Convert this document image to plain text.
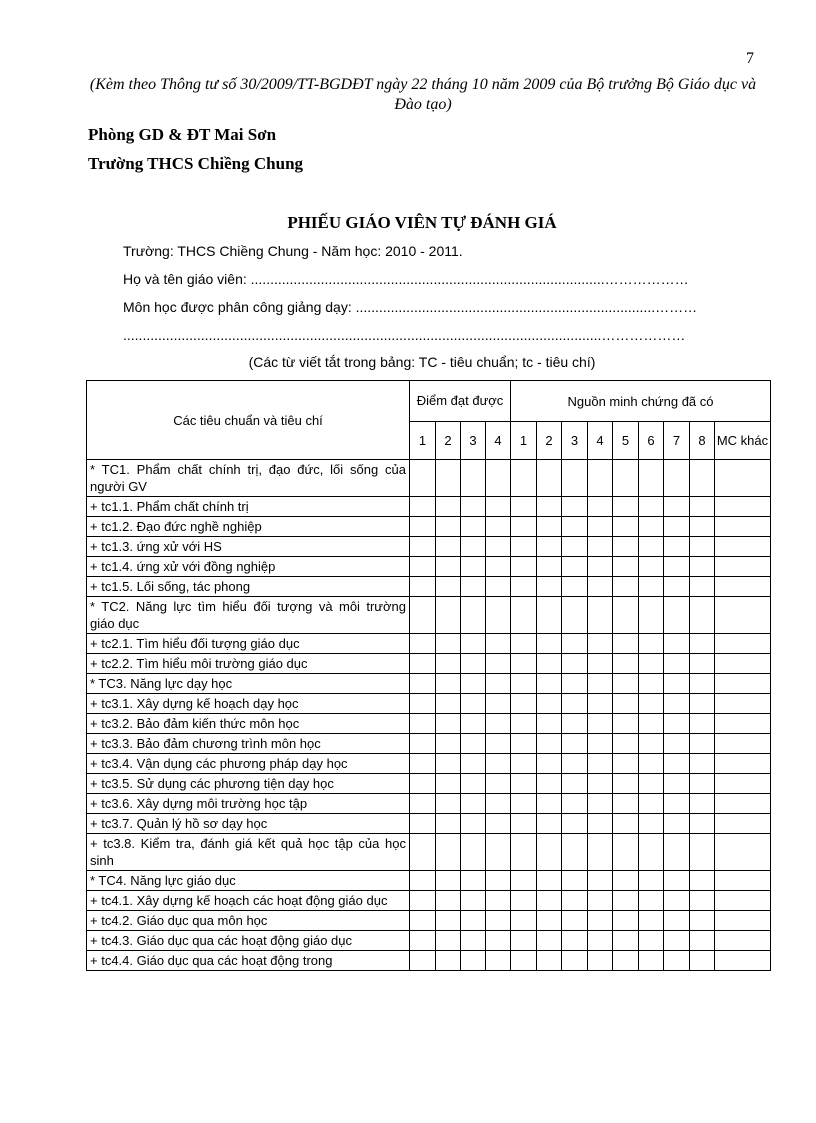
7
(Kèm theo Thông tư số 30/2009/TT-BGDĐT ngày 22 tháng 10 năm 2009 của Bộ trưởng Bộ Giáo dục và Đào tạo)
Phòng GD & ĐT Mai Sơn
Trường THCS Chiềng Chung
PHIẾU GIÁO VIÊN TỰ ĐÁNH GIÁ
Trường: THCS Chiềng Chung - Năm học: 2010 - 2011.
Họ và tên giáo viên: ...........................................................................................………………
Môn học được phân công giảng dạy: .............................................................................………
...........................................................................................................................………………
(Các từ viết tắt trong bảng: TC - tiêu chuẩn; tc - tiêu chí)
Các tiêu chuẩn và tiêu chí	Điểm đạt được				Nguồn minh chứng đã có								
	1	2	3	4	1	2	3	4	5	6	7	8	MC khác
* TC1. Phẩm chất chính trị, đạo đức, lối sống của người GV													
+ tc1.1. Phẩm chất chính trị													
+ tc1.2. Đạo đức nghề nghiệp													
+ tc1.3. ứng xử với HS													
+ tc1.4. ứng xử với đồng nghiệp													
+ tc1.5. Lối sống, tác phong													
* TC2. Năng lực tìm hiểu đối tượng và môi trường giáo dục													
+ tc2.1. Tìm hiểu đối tượng giáo dục													
+ tc2.2. Tìm hiểu môi trường giáo dục													
* TC3. Năng lực dạy học													
+ tc3.1. Xây dựng kế hoạch dạy học													
+ tc3.2. Bảo đảm kiến thức môn học													
+ tc3.3. Bảo đảm chương trình môn học													
+ tc3.4. Vận dụng các phương pháp dạy học													
+ tc3.5. Sử dụng các phương tiện dạy học													
+ tc3.6. Xây dựng môi trường học tập													
+ tc3.7. Quản lý hồ sơ dạy học													
+ tc3.8. Kiểm tra, đánh giá kết quả học tập của học sinh													
* TC4. Năng lực giáo dục													
+ tc4.1. Xây dựng kế hoạch các hoạt động giáo dục													
+ tc4.2. Giáo dục qua môn học													
+ tc4.3. Giáo dục qua các hoạt động giáo dục													
+ tc4.4. Giáo dục qua các hoạt động trong													
